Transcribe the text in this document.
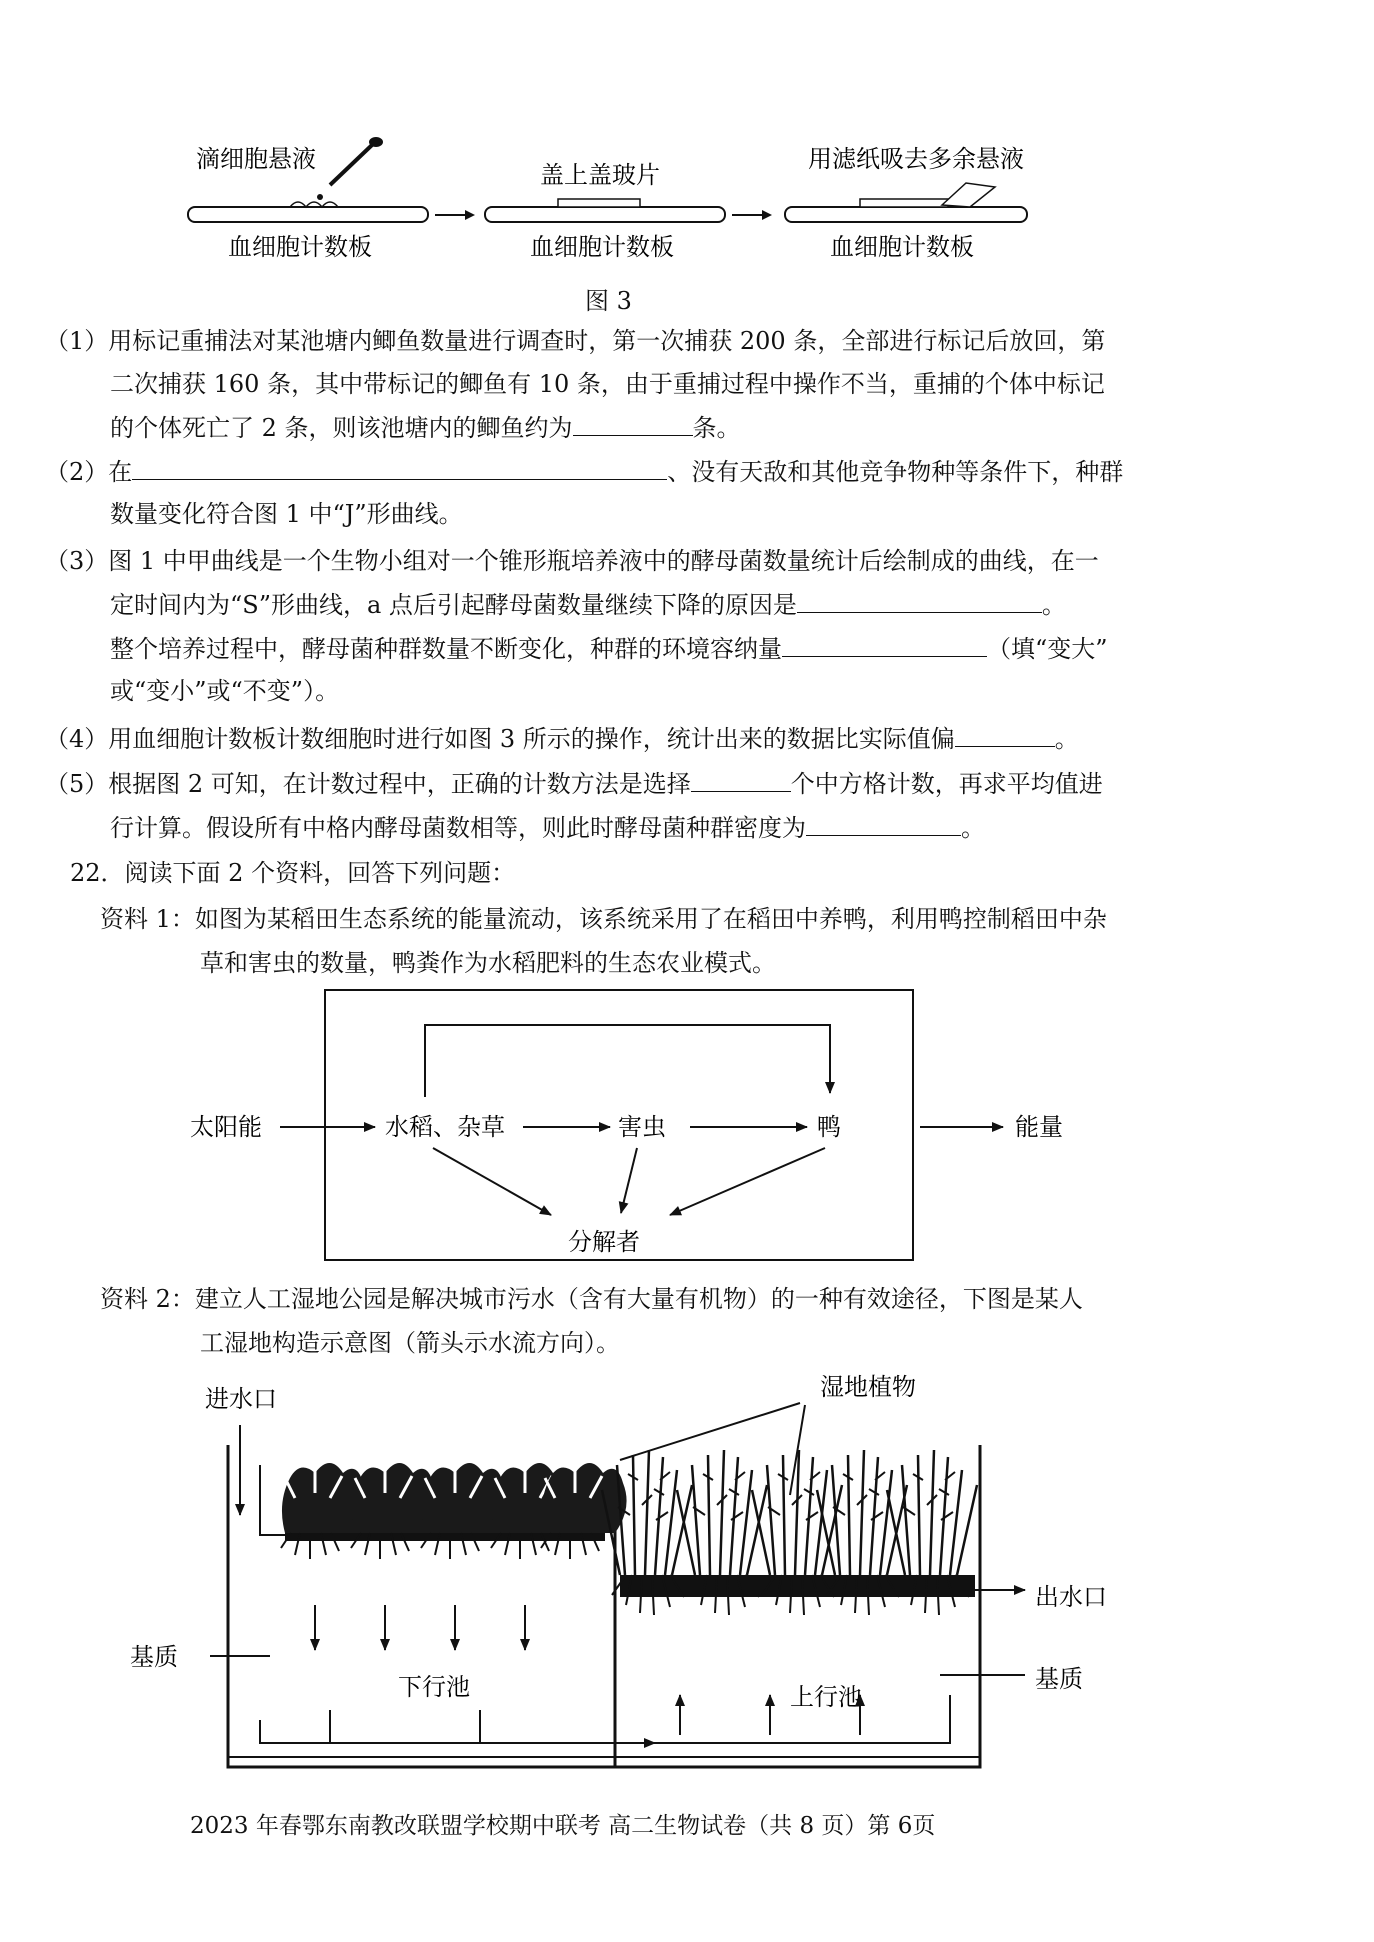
滴细胞悬液
血细胞计数板
盖上盖玻片
血细胞计数板
用滤纸吸去多余悬液
血细胞计数板
图 3
（1）用标记重捕法对某池塘内鲫鱼数量进行调查时，第一次捕获 200 条，全部进行标记后放回，第
二次捕获 160 条，其中带标记的鲫鱼有 10 条，由于重捕过程中操作不当，重捕的个体中标记
的个体死亡了 2 条，则该池塘内的鲫鱼约为	条。
（2）在	、没有天敌和其他竞争物种等条件下，种群
数量变化符合图 1 中“J”形曲线。
（3）图 1 中甲曲线是一个生物小组对一个锥形瓶培养液中的酵母菌数量统计后绘制成的曲线，在一
定时间内为“S”形曲线，a 点后引起酵母菌数量继续下降的原因是	。
整个培养过程中，酵母菌种群数量不断变化，种群的环境容纳量	（填“变大”
或“变小”或“不变”）。
（4）用血细胞计数板计数细胞时进行如图 3 所示的操作，统计出来的数据比实际值偏	。
（5）根据图 2 可知，在计数过程中，正确的计数方法是选择	个中方格计数，再求平均值进
行计算。假设所有中格内酵母菌数相等，则此时酵母菌种群密度为	。
22．阅读下面 2 个资料，回答下列问题：
资料 1：如图为某稻田生态系统的能量流动，该系统采用了在稻田中养鸭，利用鸭控制稻田中杂
草和害虫的数量，鸭粪作为水稻肥料的生态农业模式。
太阳能	水稻、杂草	害虫	鸭	能量
分解者
资料 2：建立人工湿地公园是解决城市污水（含有大量有机物）的一种有效途径，下图是某人
工湿地构造示意图（箭头示水流方向）。
进水口	湿地植物
出水口
基质
基质
下行池	上行池
2023 年春鄂东南教改联盟学校期中联考 高二生物试卷（共 8 页）第 6页
